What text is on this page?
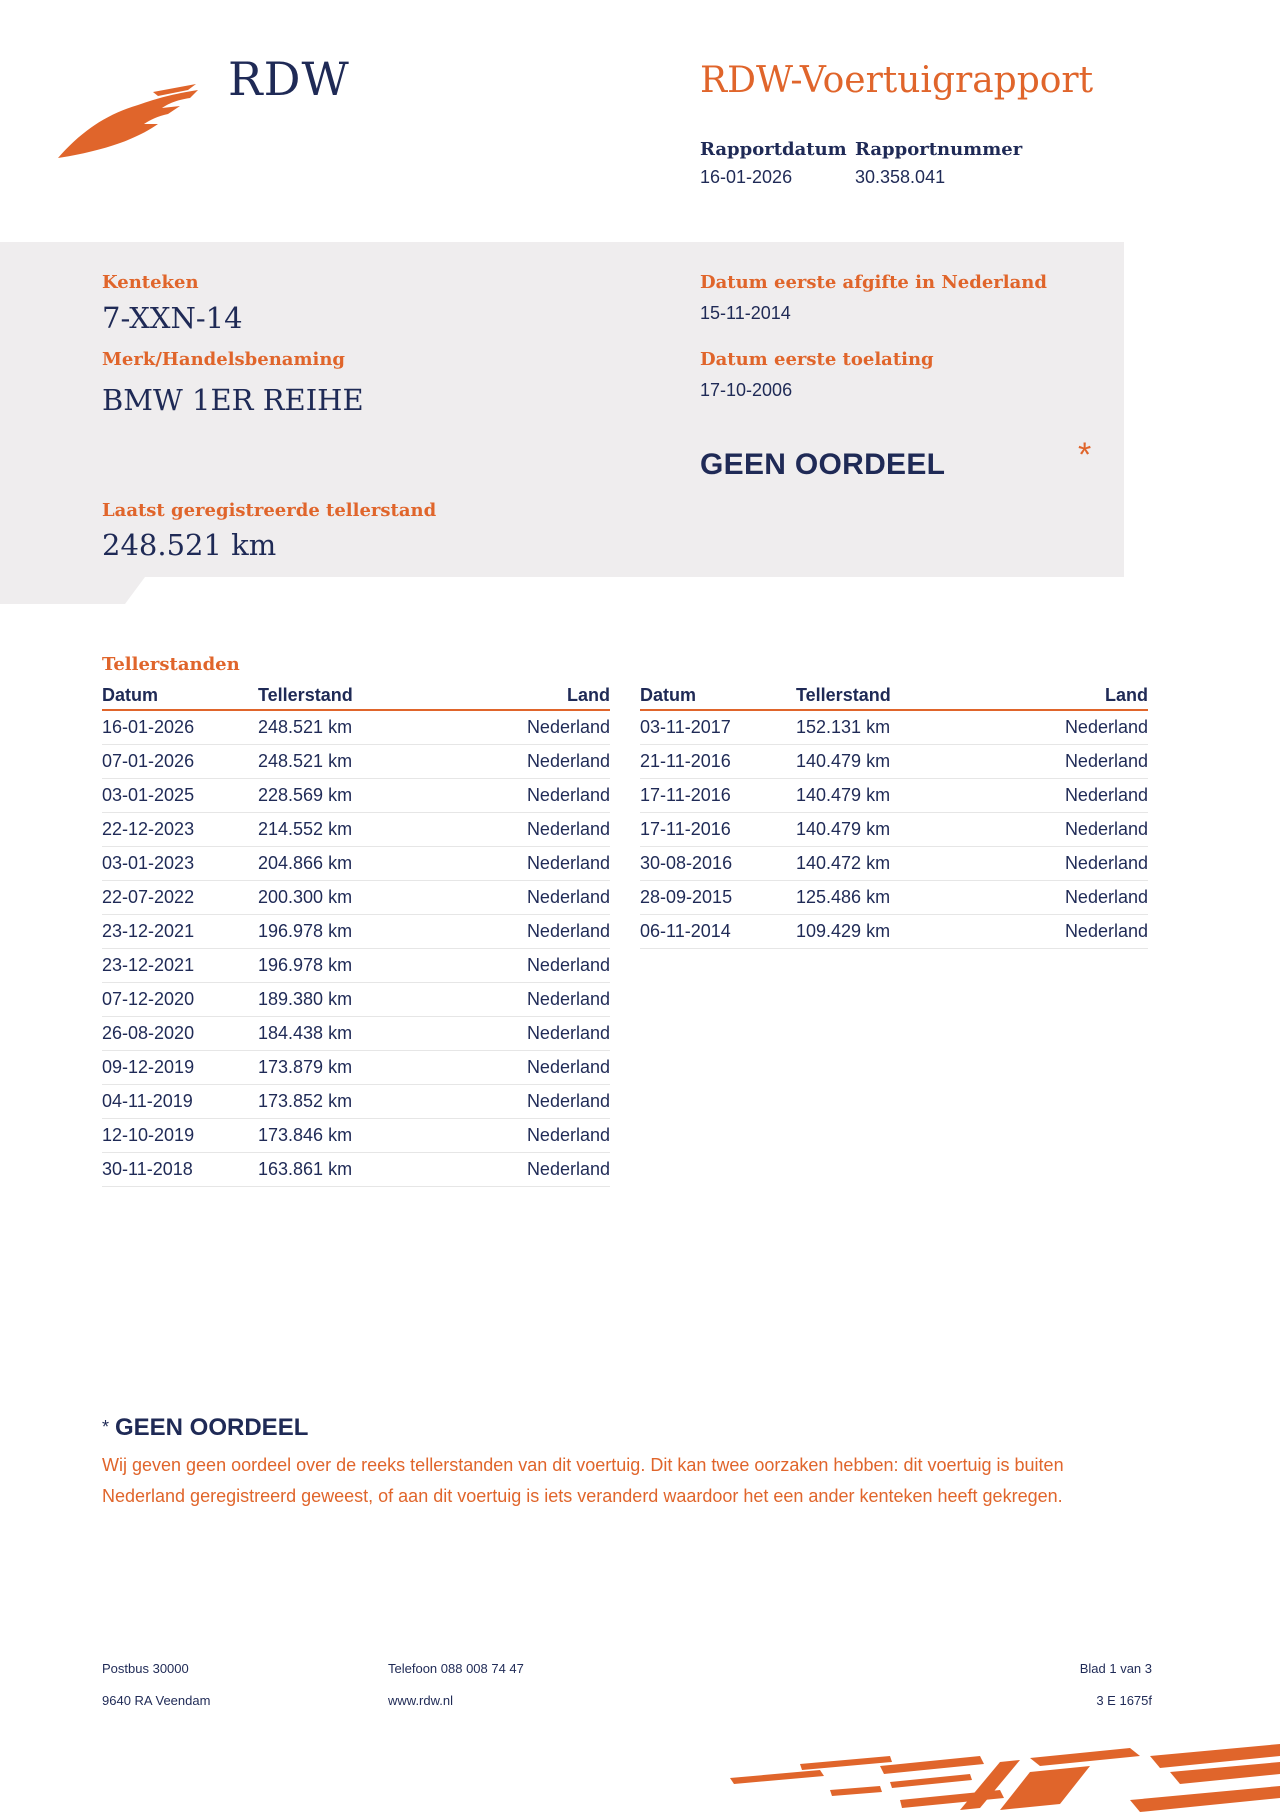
RDW	RDW-Voertuigrapport
Rapportdatum
16-01-2026
Rapportnummer
30.358.041
Kenteken
7-XXN-14
Merk/Handelsbenaming
BMW 1ER REIHE
Laatst geregistreerde tellerstand
248.521 km
Datum eerste afgifte in Nederland
15-11-2014
Datum eerste toelating
17-10-2006
GEEN OORDEEL	*
Tellerstanden
Datum	Tellerstand	Land
16-01-2026	248.521 km	Nederland
07-01-2026	248.521 km	Nederland
03-01-2025	228.569 km	Nederland
22-12-2023	214.552 km	Nederland
03-01-2023	204.866 km	Nederland
22-07-2022	200.300 km	Nederland
23-12-2021	196.978 km	Nederland
23-12-2021	196.978 km	Nederland
07-12-2020	189.380 km	Nederland
26-08-2020	184.438 km	Nederland
09-12-2019	173.879 km	Nederland
04-11-2019	173.852 km	Nederland
12-10-2019	173.846 km	Nederland
30-11-2018	163.861 km	Nederland
Datum	Tellerstand	Land
03-11-2017	152.131 km	Nederland
21-11-2016	140.479 km	Nederland
17-11-2016	140.479 km	Nederland
17-11-2016	140.479 km	Nederland
30-08-2016	140.472 km	Nederland
28-09-2015	125.486 km	Nederland
06-11-2014	109.429 km	Nederland
* GEEN OORDEEL
Wij geven geen oordeel over de reeks tellerstanden van dit voertuig. Dit kan twee oorzaken hebben: dit voertuig is buiten Nederland geregistreerd geweest, of aan dit voertuig is iets veranderd waardoor het een ander kenteken heeft gekregen.
Postbus 30000
9640 RA Veendam
Telefoon 088 008 74 47
www.rdw.nl
Blad 1 van 3
3 E 1675f
